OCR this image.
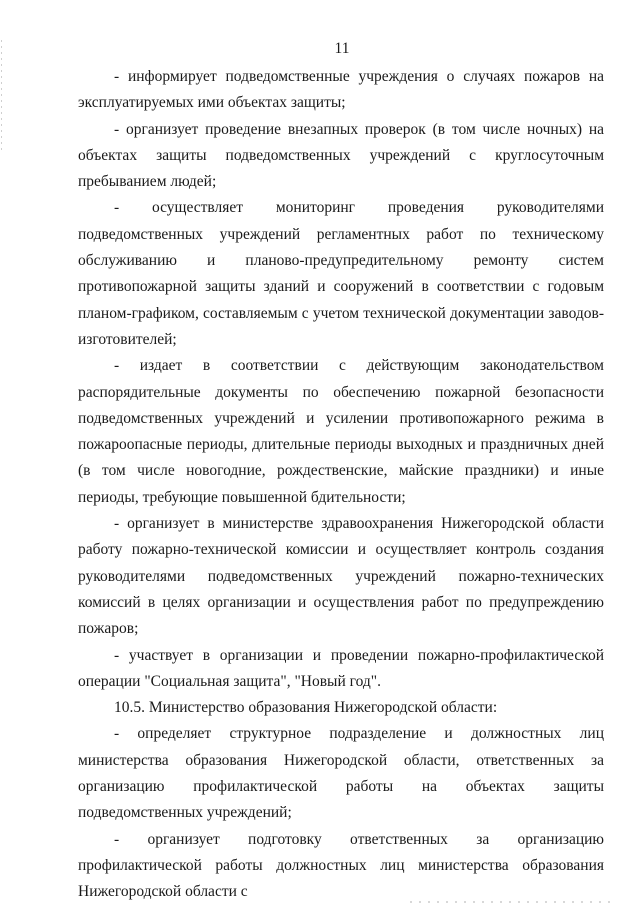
11

- информирует подведомственные учреждения о случаях пожаров на эксплуатируемых ими объектах защиты;

- организует проведение внезапных проверок (в том числе ночных) на объектах защиты подведомственных учреждений с круглосуточным пребыванием людей;

- осуществляет мониторинг проведения руководителями подведомственных учреждений регламентных работ по техническому обслуживанию и планово-предупредительному ремонту систем противопожарной защиты зданий и сооружений в соответствии с годовым планом-графиком, составляемым с учетом технической документации заводов-изготовителей;

- издает в соответствии с действующим законодательством распорядительные документы по обеспечению пожарной безопасности подведомственных учреждений и усилении противопожарного режима в пожароопасные периоды, длительные периоды выходных и праздничных дней (в том числе новогодние, рождественские, майские праздники) и иные периоды, требующие повышенной бдительности;

- организует в министерстве здравоохранения Нижегородской области работу пожарно-технической комиссии и осуществляет контроль создания руководителями подведомственных учреждений пожарно-технических комиссий в целях организации и осуществления работ по предупреждению пожаров;

- участвует в организации и проведении пожарно-профилактической операции "Социальная защита", "Новый год".

10.5. Министерство образования Нижегородской области:

- определяет структурное подразделение и должностных лиц министерства образования Нижегородской области, ответственных за организацию профилактической работы на объектах защиты подведомственных учреждений;

- организует подготовку ответственных за организацию профилактической работы должностных лиц министерства образования Нижегородской области с
